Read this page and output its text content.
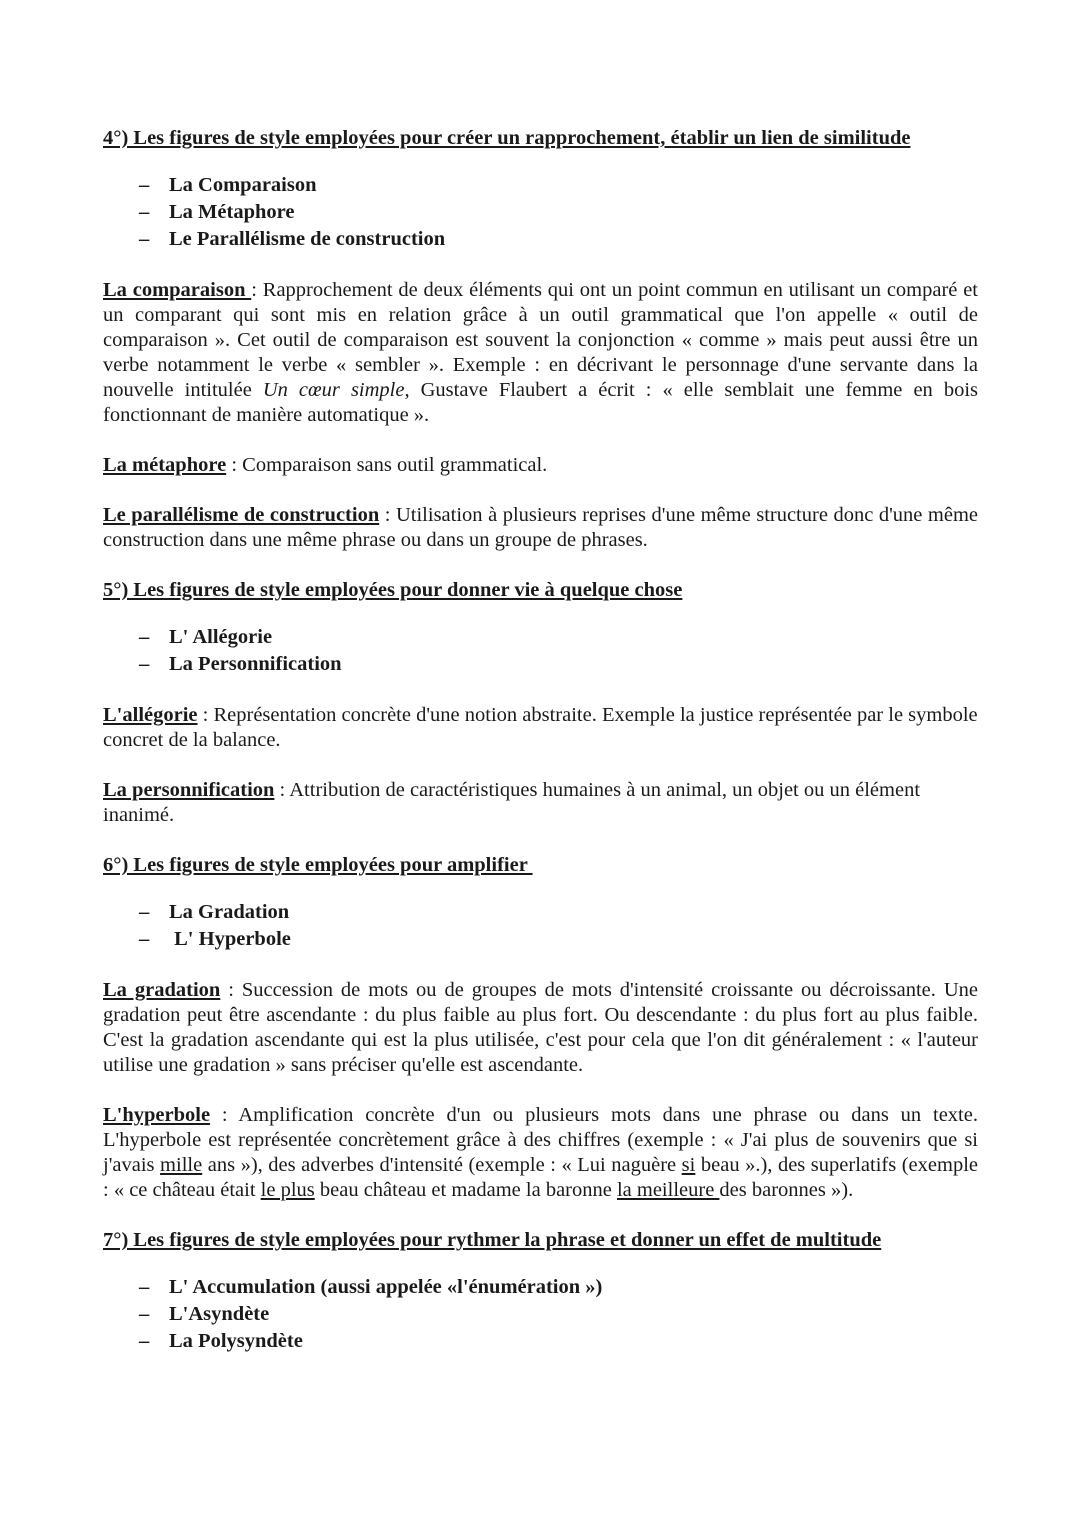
4°) Les figures de style employées pour créer un rapprochement, établir un lien de similitude
– La Comparaison
– La Métaphore
– Le Parallélisme de construction

La comparaison : Rapprochement de deux éléments qui ont un point commun en utilisant un comparé et un comparant qui sont mis en relation grâce à un outil grammatical que l'on appelle « outil de comparaison ». Cet outil de comparaison est souvent la conjonction « comme » mais peut aussi être un verbe notamment le verbe « sembler ». Exemple : en décrivant le personnage d'une servante dans la nouvelle intitulée Un cœur simple, Gustave Flaubert a écrit : « elle semblait une femme en bois fonctionnant de manière automatique ».

La métaphore : Comparaison sans outil grammatical.

Le parallélisme de construction : Utilisation à plusieurs reprises d'une même structure donc d'une même construction dans une même phrase ou dans un groupe de phrases.

5°) Les figures de style employées pour donner vie à quelque chose
– L' Allégorie
– La Personnification

L'allégorie : Représentation concrète d'une notion abstraite. Exemple la justice représentée par le symbole concret de la balance.

La personnification : Attribution de caractéristiques humaines à un animal, un objet ou un élément inanimé.

6°) Les figures de style employées pour amplifier
– La Gradation
– L' Hyperbole

La gradation : Succession de mots ou de groupes de mots d'intensité croissante ou décroissante. Une gradation peut être ascendante : du plus faible au plus fort. Ou descendante : du plus fort au plus faible. C'est la gradation ascendante qui est la plus utilisée, c'est pour cela que l'on dit généralement : « l'auteur utilise une gradation » sans préciser qu'elle est ascendante.

L'hyperbole : Amplification concrète d'un ou plusieurs mots dans une phrase ou dans un texte. L'hyperbole est représentée concrètement grâce à des chiffres (exemple : « J'ai plus de souvenirs que si j'avais mille ans »), des adverbes d'intensité (exemple : « Lui naguère si beau ».), des superlatifs (exemple : « ce château était le plus beau château et madame la baronne la meilleure des baronnes »).

7°) Les figures de style employées pour rythmer la phrase et donner un effet de multitude
– L' Accumulation (aussi appelée «l'énumération »)
– L'Asyndète
– La Polysyndète
